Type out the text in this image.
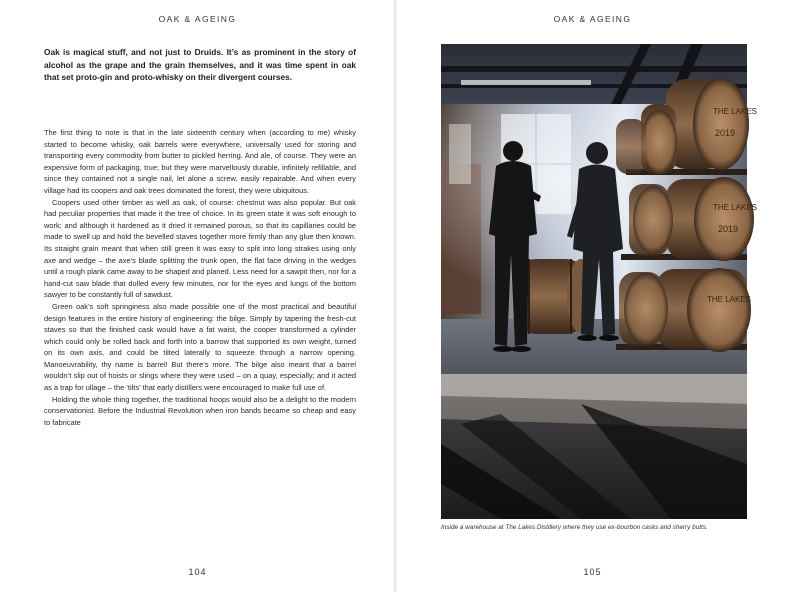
OAK & AGEING

Oak is magical stuff, and not just to Druids. It’s as prominent in the story of alcohol as the grape and the grain themselves, and it was time spent in oak that set proto-gin and proto-whisky on their divergent courses.

The first thing to note is that in the late sixteenth century when (according to me) whisky started to become whisky, oak barrels were everywhere, universally used for storing and transporting every commodity from butter to pickled herring. And ale, of course. They were an expensive form of packaging, true; but they were marvellously durable, infinitely refillable, and since they contained not a single nail, let alone a screw, easily repairable. And when every village had its coopers and oak trees dominated the forest, they were ubiquitous.

Coopers used other timber as well as oak, of course: chestnut was also popular. But oak had peculiar properties that made it the tree of choice. In its green state it was soft enough to work; and although it hardened as it dried it remained porous, so that its capillaries could be made to swell up and hold the bevelled staves together more firmly than any glue then known. Its straight grain meant that when still green it was easy to split into long strakes using only axe and wedge – the axe’s blade splitting the trunk open, the flat face driving in the wedges until a rough plank came away to be shaped and planed. Less need for a sawpit then, nor for a hand-cut saw blade that dulled every few minutes, nor for the eyes and lungs of the bottom sawyer to be constantly full of sawdust.

Green oak’s soft springiness also made possible one of the most practical and beautiful design features in the entire history of engineering: the bilge. Simply by tapering the fresh-cut staves so that the finished cask would have a fat waist, the cooper transformed a cylinder which could only be rolled back and forth into a barrow that supported its own weight, turned on its own axis, and could be tilted laterally to squeeze through a narrow opening. Manoeuvrability, thy name is barrel! But there’s more. The bilge also meant that a barrel wouldn’t slip out of hoists or slings where they were used – on a quay, especially; and it acted as a trap for ullage – the ‘tilts’ that early distillers were encouraged to make full use of.

Holding the whole thing together, the traditional hoops would also be a delight to the modern conservationist. Before the Industrial Revolution when iron bands became so cheap and easy to fabricate

104
OAK & AGEING
THE LAKES
2019
THE LAKES
2019
THE LAKES

Inside a warehouse at The Lakes Distillery where they use ex-bourbon casks and sherry butts.

105
